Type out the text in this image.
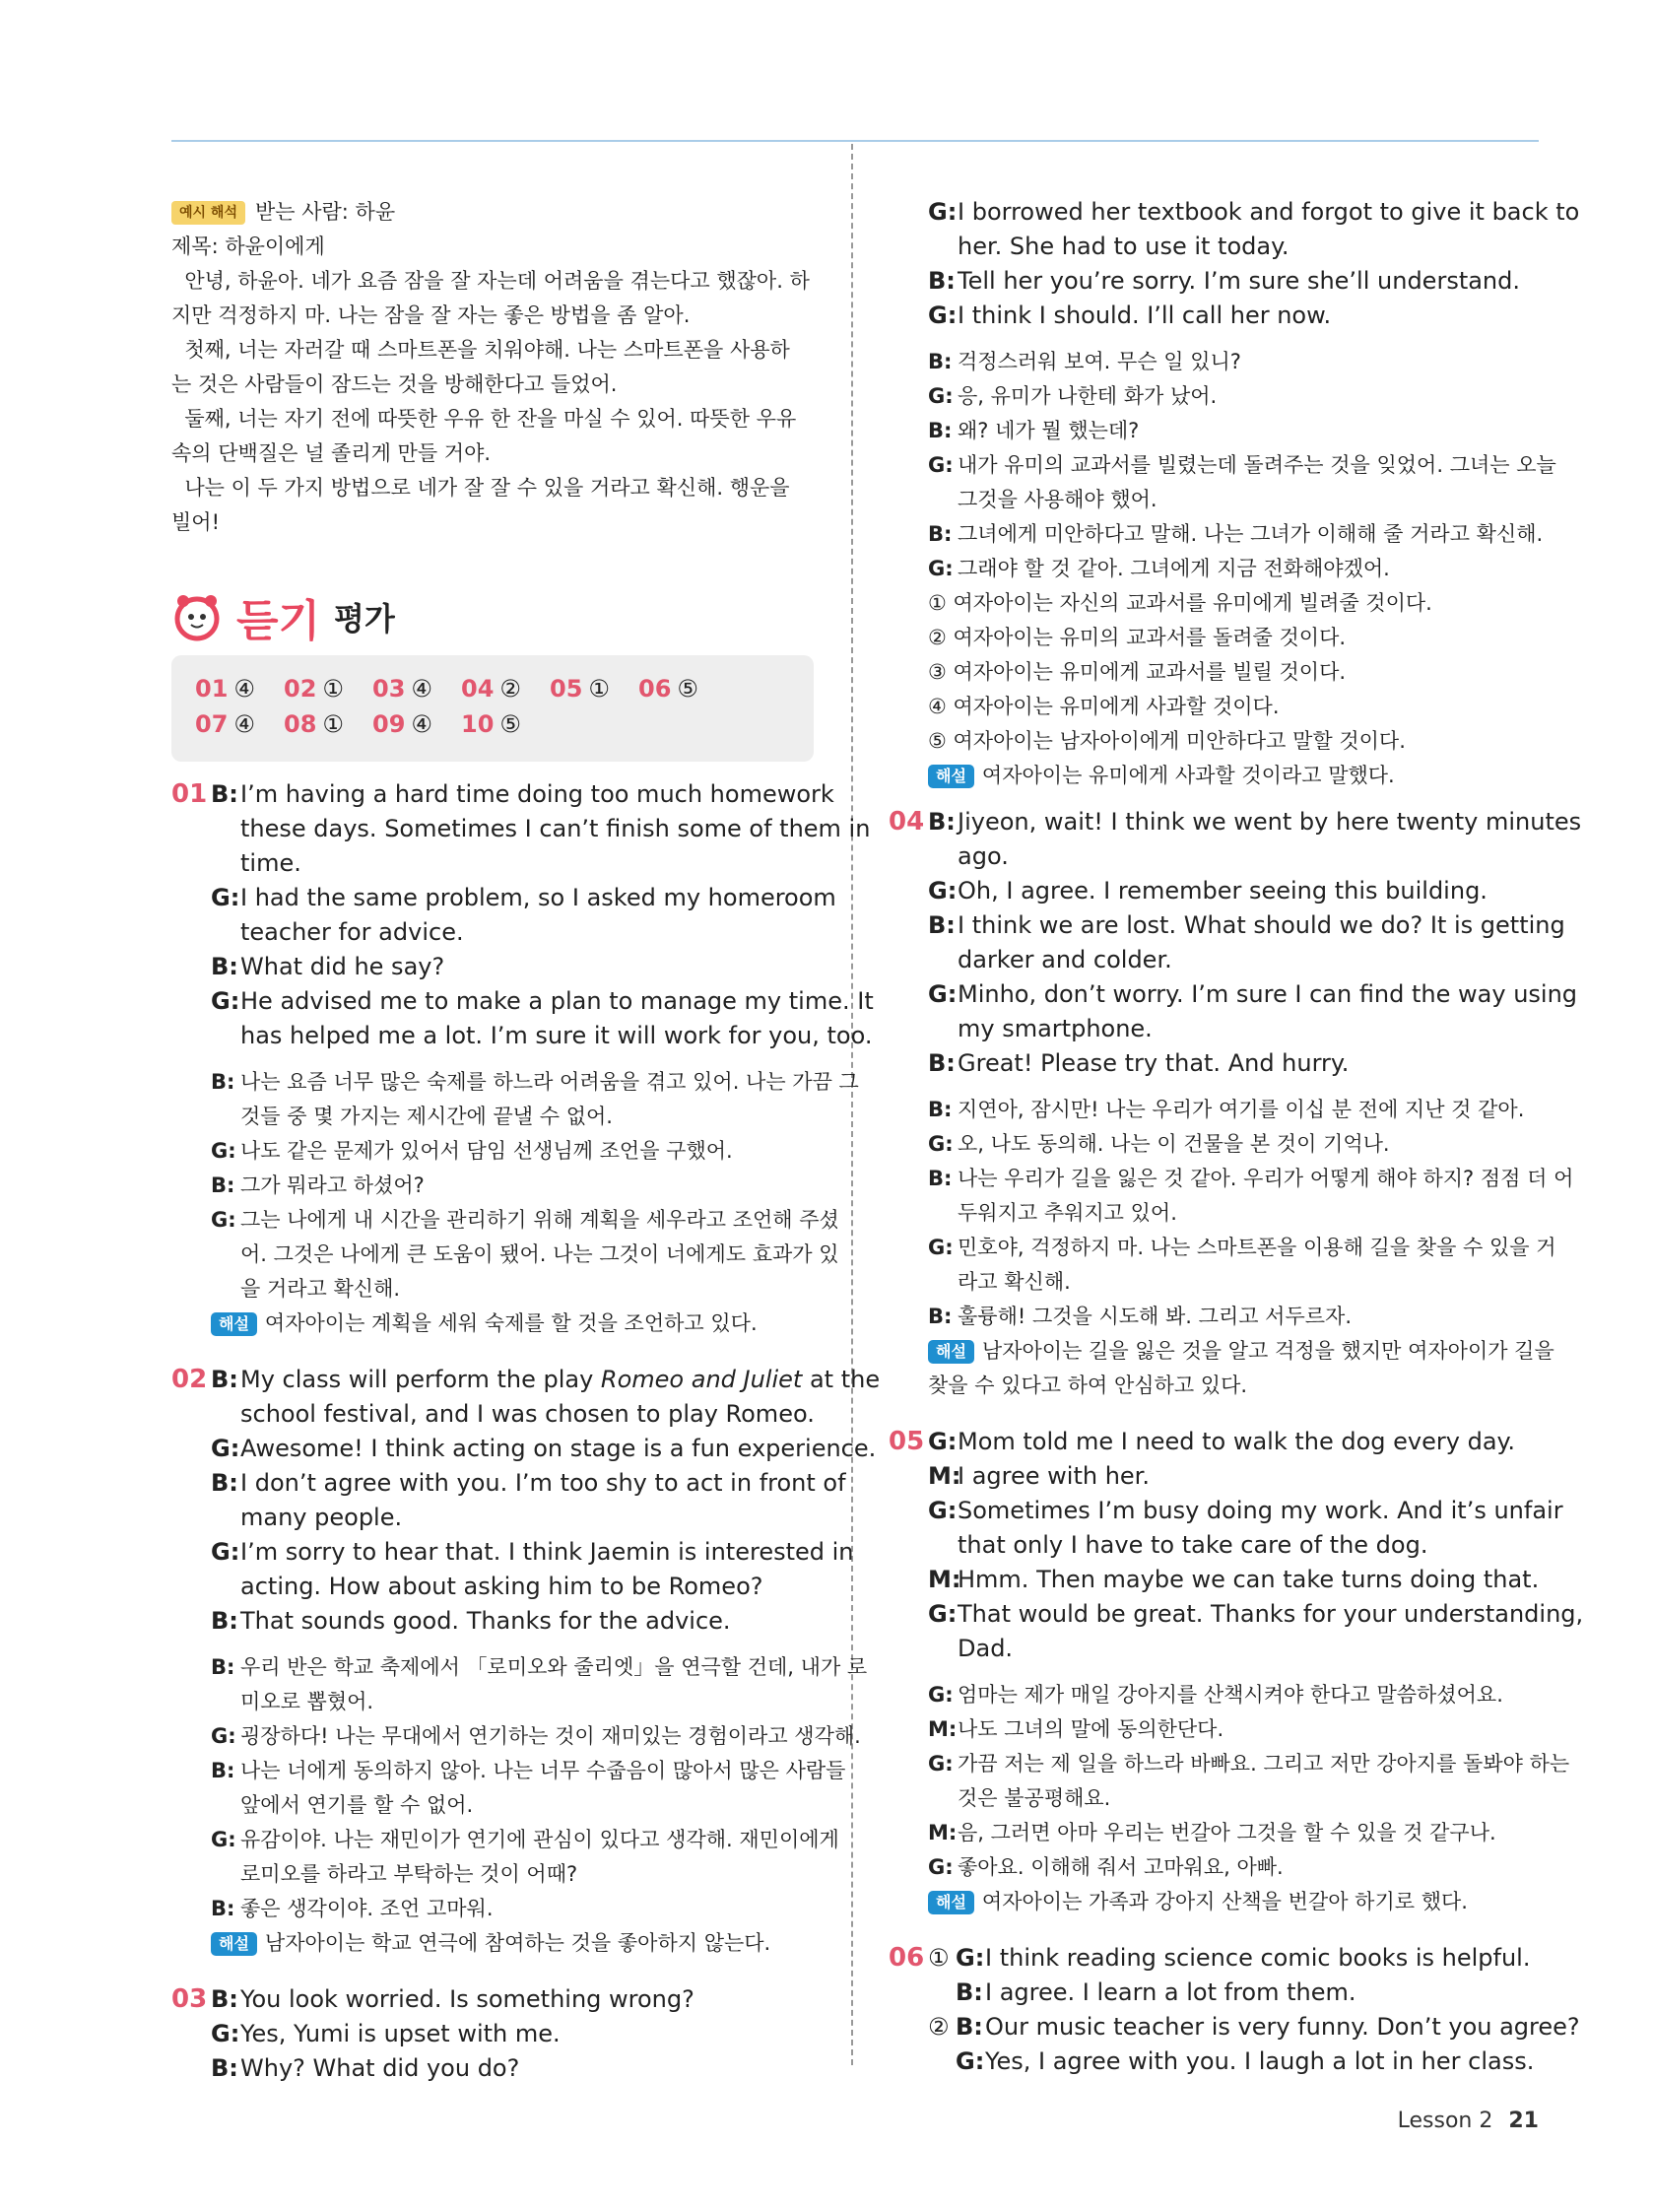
예시 해석 받는 사람: 하윤
제목: 하윤이에게
안녕, 하윤아. 네가 요즘 잠을 잘 자는데 어려움을 겪는다고 했잖아. 하
지만 걱정하지 마. 나는 잠을 잘 자는 좋은 방법을 좀 알아.
첫째, 너는 자러갈 때 스마트폰을 치워야해. 나는 스마트폰을 사용하
는 것은 사람들이 잠드는 것을 방해한다고 들었어.
둘째, 너는 자기 전에 따뜻한 우유 한 잔을 마실 수 있어. 따뜻한 우유
속의 단백질은 널 졸리게 만들 거야.
나는 이 두 가지 방법으로 네가 잘 잘 수 있을 거라고 확신해. 행운을
빌어!
듣기 평가
01 ④ 02 ① 03 ④ 04 ② 05 ① 06 ⑤
07 ④ 08 ① 09 ④ 10 ⑤
01 B:I’m having a hard time doing too much homework
these days. Sometimes I can’t finish some of them in
time.
G:I had the same problem, so I asked my homeroom
teacher for advice.
B:What did he say?
G:He advised me to make a plan to manage my time. It
has helped me a lot. I’m sure it will work for you, too.
B: 나는 요즘 너무 많은 숙제를 하느라 어려움을 겪고 있어. 나는 가끔 그
것들 중 몇 가지는 제시간에 끝낼 수 없어.
G: 나도 같은 문제가 있어서 담임 선생님께 조언을 구했어.
B: 그가 뭐라고 하셨어?
G: 그는 나에게 내 시간을 관리하기 위해 계획을 세우라고 조언해 주셨
어. 그것은 나에게 큰 도움이 됐어. 나는 그것이 너에게도 효과가 있
을 거라고 확신해.
해설 여자아이는 계획을 세워 숙제를 할 것을 조언하고 있다.
02 B:My class will perform the play Romeo and Juliet at the
school festival, and I was chosen to play Romeo.
G:Awesome! I think acting on stage is a fun experience.
B:I don’t agree with you. I’m too shy to act in front of
many people.
G:I’m sorry to hear that. I think Jaemin is interested in
acting. How about asking him to be Romeo?
B:That sounds good. Thanks for the advice.
B: 우리 반은 학교 축제에서 「로미오와 줄리엣」을 연극할 건데, 내가 로
미오로 뽑혔어.
G: 굉장하다! 나는 무대에서 연기하는 것이 재미있는 경험이라고 생각해.
B: 나는 너에게 동의하지 않아. 나는 너무 수줍음이 많아서 많은 사람들
앞에서 연기를 할 수 없어.
G: 유감이야. 나는 재민이가 연기에 관심이 있다고 생각해. 재민이에게
로미오를 하라고 부탁하는 것이 어때?
B: 좋은 생각이야. 조언 고마워.
해설 남자아이는 학교 연극에 참여하는 것을 좋아하지 않는다.
03 B:You look worried. Is something wrong?
G:Yes, Yumi is upset with me.
B:Why? What did you do?
G:I borrowed her textbook and forgot to give it back to
her. She had to use it today.
B:Tell her you’re sorry. I’m sure she’ll understand.
G:I think I should. I’ll call her now.
B: 걱정스러워 보여. 무슨 일 있니?
G: 응, 유미가 나한테 화가 났어.
B: 왜? 네가 뭘 했는데?
G: 내가 유미의 교과서를 빌렸는데 돌려주는 것을 잊었어. 그녀는 오늘
그것을 사용해야 했어.
B: 그녀에게 미안하다고 말해. 나는 그녀가 이해해 줄 거라고 확신해.
G: 그래야 할 것 같아. 그녀에게 지금 전화해야겠어.
① 여자아이는 자신의 교과서를 유미에게 빌려줄 것이다.
② 여자아이는 유미의 교과서를 돌려줄 것이다.
③ 여자아이는 유미에게 교과서를 빌릴 것이다.
④ 여자아이는 유미에게 사과할 것이다.
⑤ 여자아이는 남자아이에게 미안하다고 말할 것이다.
해설 여자아이는 유미에게 사과할 것이라고 말했다.
04 B:Jiyeon, wait! I think we went by here twenty minutes
ago.
G:Oh, I agree. I remember seeing this building.
B:I think we are lost. What should we do? It is getting
darker and colder.
G:Minho, don’t worry. I’m sure I can find the way using
my smartphone.
B:Great! Please try that. And hurry.
B: 지연아, 잠시만! 나는 우리가 여기를 이십 분 전에 지난 것 같아.
G: 오, 나도 동의해. 나는 이 건물을 본 것이 기억나.
B: 나는 우리가 길을 잃은 것 같아. 우리가 어떻게 해야 하지? 점점 더 어
두워지고 추워지고 있어.
G: 민호야, 걱정하지 마. 나는 스마트폰을 이용해 길을 찾을 수 있을 거
라고 확신해.
B: 훌륭해! 그것을 시도해 봐. 그리고 서두르자.
해설 남자아이는 길을 잃은 것을 알고 걱정을 했지만 여자아이가 길을
찾을 수 있다고 하여 안심하고 있다.
05 G:Mom told me I need to walk the dog every day.
M:I agree with her.
G:Sometimes I’m busy doing my work. And it’s unfair
that only I have to take care of the dog.
M:Hmm. Then maybe we can take turns doing that.
G:That would be great. Thanks for your understanding,
Dad.
G: 엄마는 제가 매일 강아지를 산책시켜야 한다고 말씀하셨어요.
M:나도 그녀의 말에 동의한단다.
G: 가끔 저는 제 일을 하느라 바빠요. 그리고 저만 강아지를 돌봐야 하는
것은 불공평해요.
M:음, 그러면 아마 우리는 번갈아 그것을 할 수 있을 것 같구나.
G: 좋아요. 이해해 줘서 고마워요, 아빠.
해설 여자아이는 가족과 강아지 산책을 번갈아 하기로 했다.
06 ① G:I think reading science comic books is helpful.
B:I agree. I learn a lot from them.
② B:Our music teacher is very funny. Don’t you agree?
G:Yes, I agree with you. I laugh a lot in her class.
Lesson 2 21
